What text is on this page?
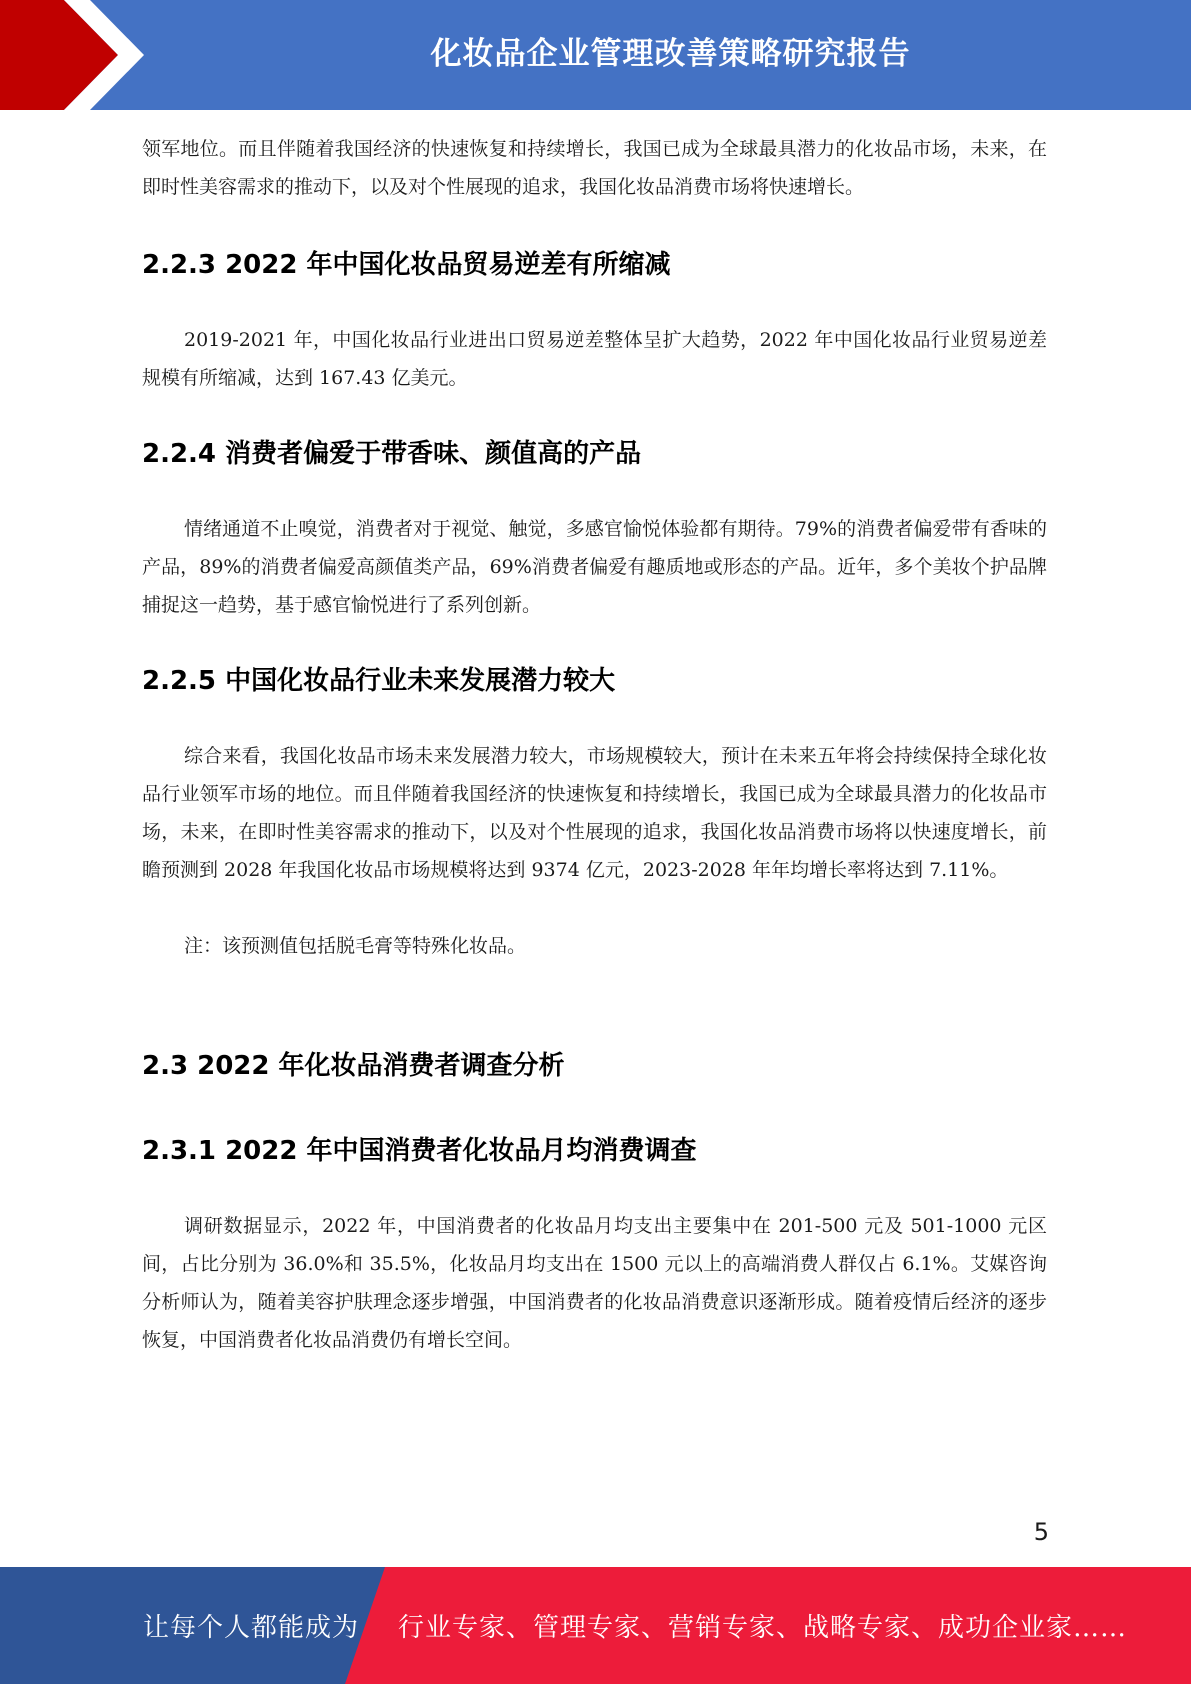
化妆品企业管理改善策略研究报告

领军地位。而且伴随着我国经济的快速恢复和持续增长，我国已成为全球最具潜力的化妆品市场，未来，在即时性美容需求的推动下，以及对个性展现的追求，我国化妆品消费市场将快速增长。

2.2.3 2022 年中国化妆品贸易逆差有所缩减

2019-2021 年，中国化妆品行业进出口贸易逆差整体呈扩大趋势，2022 年中国化妆品行业贸易逆差规模有所缩减，达到 167.43 亿美元。

2.2.4 消费者偏爱于带香味、颜值高的产品

情绪通道不止嗅觉，消费者对于视觉、触觉，多感官愉悦体验都有期待。79%的消费者偏爱带有香味的产品，89%的消费者偏爱高颜值类产品，69%消费者偏爱有趣质地或形态的产品。近年，多个美妆个护品牌捕捉这一趋势，基于感官愉悦进行了系列创新。

2.2.5 中国化妆品行业未来发展潜力较大

综合来看，我国化妆品市场未来发展潜力较大，市场规模较大，预计在未来五年将会持续保持全球化妆品行业领军市场的地位。而且伴随着我国经济的快速恢复和持续增长，我国已成为全球最具潜力的化妆品市场，未来，在即时性美容需求的推动下，以及对个性展现的追求，我国化妆品消费市场将以快速度增长，前瞻预测到 2028 年我国化妆品市场规模将达到 9374 亿元，2023-2028 年年均增长率将达到 7.11%。

注：该预测值包括脱毛膏等特殊化妆品。

2.3 2022 年化妆品消费者调查分析
2.3.1 2022 年中国消费者化妆品月均消费调查

调研数据显示，2022 年，中国消费者的化妆品月均支出主要集中在 201-500 元及 501-1000 元区间，占比分别为 36.0%和 35.5%，化妆品月均支出在 1500 元以上的高端消费人群仅占 6.1%。艾媒咨询分析师认为，随着美容护肤理念逐步增强，中国消费者的化妆品消费意识逐渐形成。随着疫情后经济的逐步恢复，中国消费者化妆品消费仍有增长空间。

5
让每个人都能成为 行业专家、管理专家、营销专家、战略专家、成功企业家……
